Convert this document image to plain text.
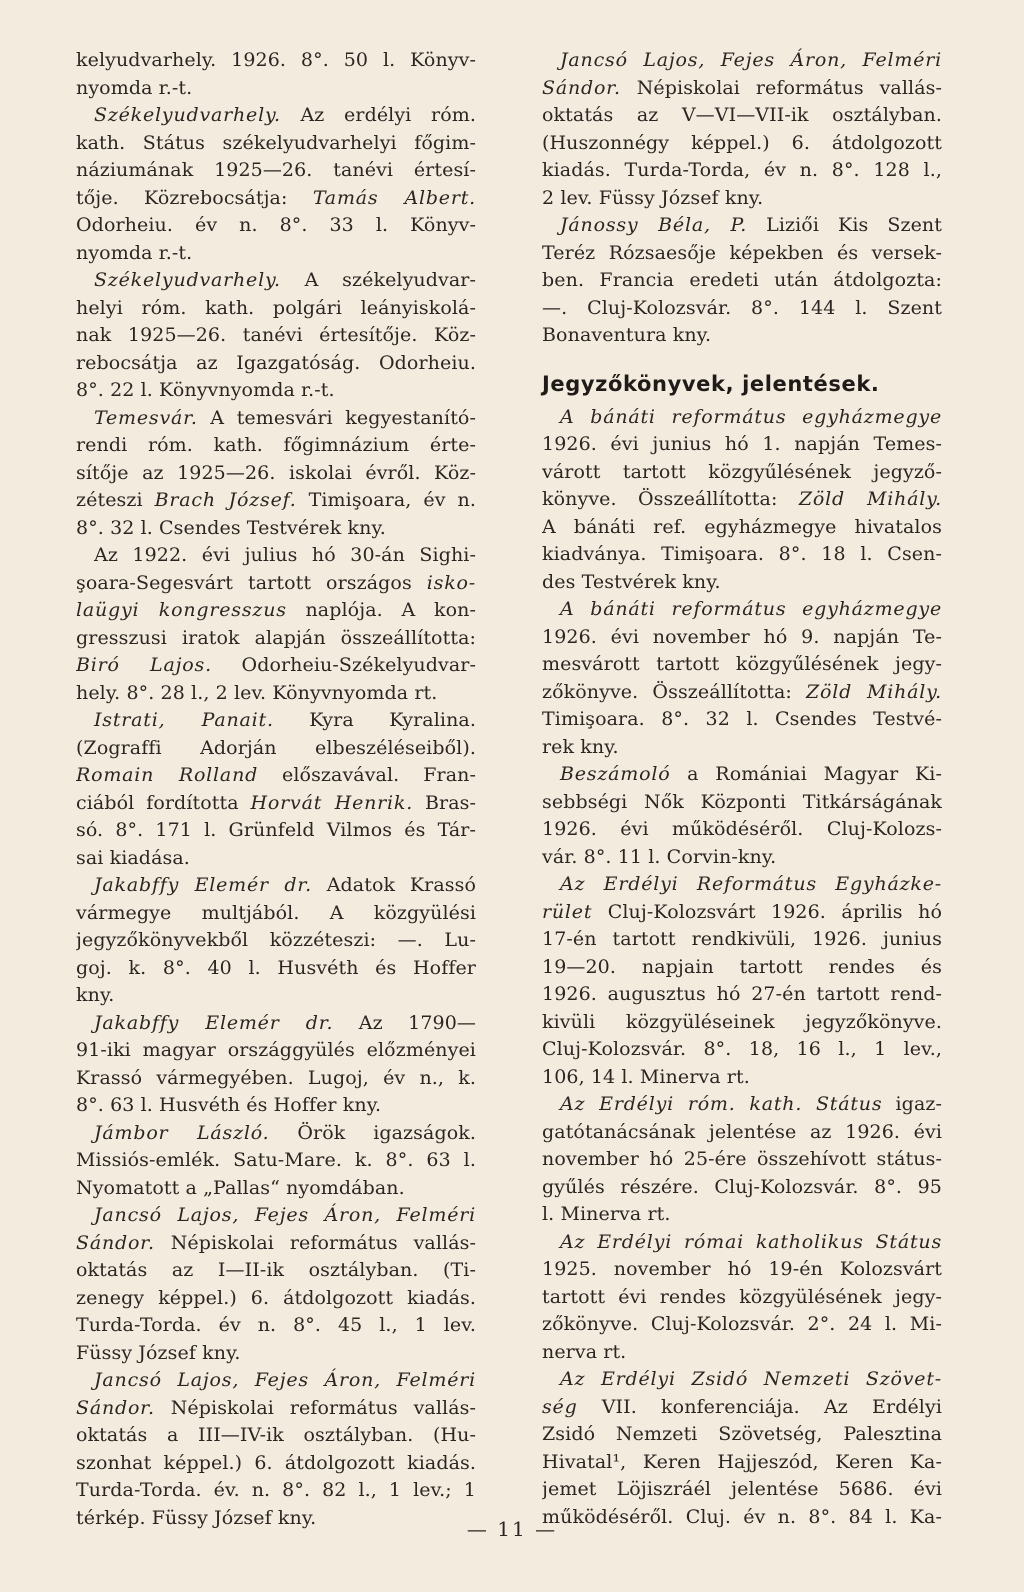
kelyudvarhely. 1926. 8°. 50 l. Könyv-
nyomda r.-t.
Székelyudvarhely. Az erdélyi róm.
kath. Státus székelyudvarhelyi főgim-
náziumának 1925—26. tanévi értesí-
tője. Közrebocsátja: Tamás Albert.
Odorheiu. év n. 8°. 33 l. Könyv-
nyomda r.-t.
Székelyudvarhely. A székelyudvar-
helyi róm. kath. polgári leányiskolá-
nak 1925—26. tanévi értesítője. Köz-
rebocsátja az Igazgatóság. Odorheiu.
8°. 22 l. Könyvnyomda r.-t.
Temesvár. A temesvári kegyestanító-
rendi róm. kath. főgimnázium érte-
sítője az 1925—26. iskolai évről. Köz-
zéteszi Brach József. Timişoara, év n.
8°. 32 l. Csendes Testvérek kny.
Az 1922. évi julius hó 30-án Sighi-
şoara-Segesvárt tartott országos isko-
laügyi kongresszus naplója. A kon-
gresszusi iratok alapján összeállította:
Biró Lajos. Odorheiu-Székelyudvar-
hely. 8°. 28 l., 2 lev. Könyvnyomda rt.
Istrati, Panait. Kyra Kyralina.
(Zograffi Adorján elbeszéléseiből).
Romain Rolland előszavával. Fran-
ciából fordította Horvát Henrik. Bras-
só. 8°. 171 l. Grünfeld Vilmos és Tár-
sai kiadása.
Jakabffy Elemér dr. Adatok Krassó
vármegye multjából. A közgyülési
jegyzőkönyvekből közzéteszi: —. Lu-
goj. k. 8°. 40 l. Husvéth és Hoffer
kny.
Jakabffy Elemér dr. Az 1790—
91-iki magyar országgyülés előzményei
Krassó vármegyében. Lugoj, év n., k.
8°. 63 l. Husvéth és Hoffer kny.
Jámbor László. Örök igazságok.
Missiós-emlék. Satu-Mare. k. 8°. 63 l.
Nyomatott a „Pallas“ nyomdában.
Jancsó Lajos, Fejes Áron, Felméri
Sándor. Népiskolai református vallás-
oktatás az I—II-ik osztályban. (Ti-
zenegy képpel.) 6. átdolgozott kiadás.
Turda-Torda. év n. 8°. 45 l., 1 lev.
Füssy József kny.
Jancsó Lajos, Fejes Áron, Felméri
Sándor. Népiskolai református vallás-
oktatás a III—IV-ik osztályban. (Hu-
szonhat képpel.) 6. átdolgozott kiadás.
Turda-Torda. év. n. 8°. 82 l., 1 lev.; 1
térkép. Füssy József kny.
Jancsó Lajos, Fejes Áron, Felméri
Sándor. Népiskolai református vallás-
oktatás az V—VI—VII-ik osztályban.
(Huszonnégy képpel.) 6. átdolgozott
kiadás. Turda-Torda, év n. 8°. 128 l.,
2 lev. Füssy József kny.
Jánossy Béla, P. Liziői Kis Szent
Teréz Rózsaesője képekben és versek-
ben. Francia eredeti után átdolgozta:
—. Cluj-Kolozsvár. 8°. 144 l. Szent
Bonaventura kny.
Jegyzőkönyvek, jelentések.
A bánáti református egyházmegye
1926. évi junius hó 1. napján Temes-
várott tartott közgyűlésének jegyző-
könyve. Összeállította: Zöld Mihály.
A bánáti ref. egyházmegye hivatalos
kiadványa. Timişoara. 8°. 18 l. Csen-
des Testvérek kny.
A bánáti református egyházmegye
1926. évi november hó 9. napján Te-
mesvárott tartott közgyűlésének jegy-
zőkönyve. Összeállította: Zöld Mihály.
Timişoara. 8°. 32 l. Csendes Testvé-
rek kny.
Beszámoló a Romániai Magyar Ki-
sebbségi Nők Központi Titkárságának
1926. évi működéséről. Cluj-Kolozs-
vár. 8°. 11 l. Corvin-kny.
Az Erdélyi Református Egyházke-
rület Cluj-Kolozsvárt 1926. április hó
17-én tartott rendkivüli, 1926. junius
19—20. napjain tartott rendes és
1926. augusztus hó 27-én tartott rend-
kivüli közgyüléseinek jegyzőkönyve.
Cluj-Kolozsvár. 8°. 18, 16 l., 1 lev.,
106, 14 l. Minerva rt.
Az Erdélyi róm. kath. Státus igaz-
gatótanácsának jelentése az 1926. évi
november hó 25-ére összehívott státus-
gyűlés részére. Cluj-Kolozsvár. 8°. 95
l. Minerva rt.
Az Erdélyi római katholikus Státus
1925. november hó 19-én Kolozsvárt
tartott évi rendes közgyülésének jegy-
zőkönyve. Cluj-Kolozsvár. 2°. 24 l. Mi-
nerva rt.
Az Erdélyi Zsidó Nemzeti Szövet-
ség VII. konferenciája. Az Erdélyi
Zsidó Nemzeti Szövetség, Palesztina
Hivatal¹, Keren Hajjeszód, Keren Ka-
jemet Löjiszráél jelentése 5686. évi
működéséről. Cluj. év n. 8°. 84 l. Ka-
— 11 —
